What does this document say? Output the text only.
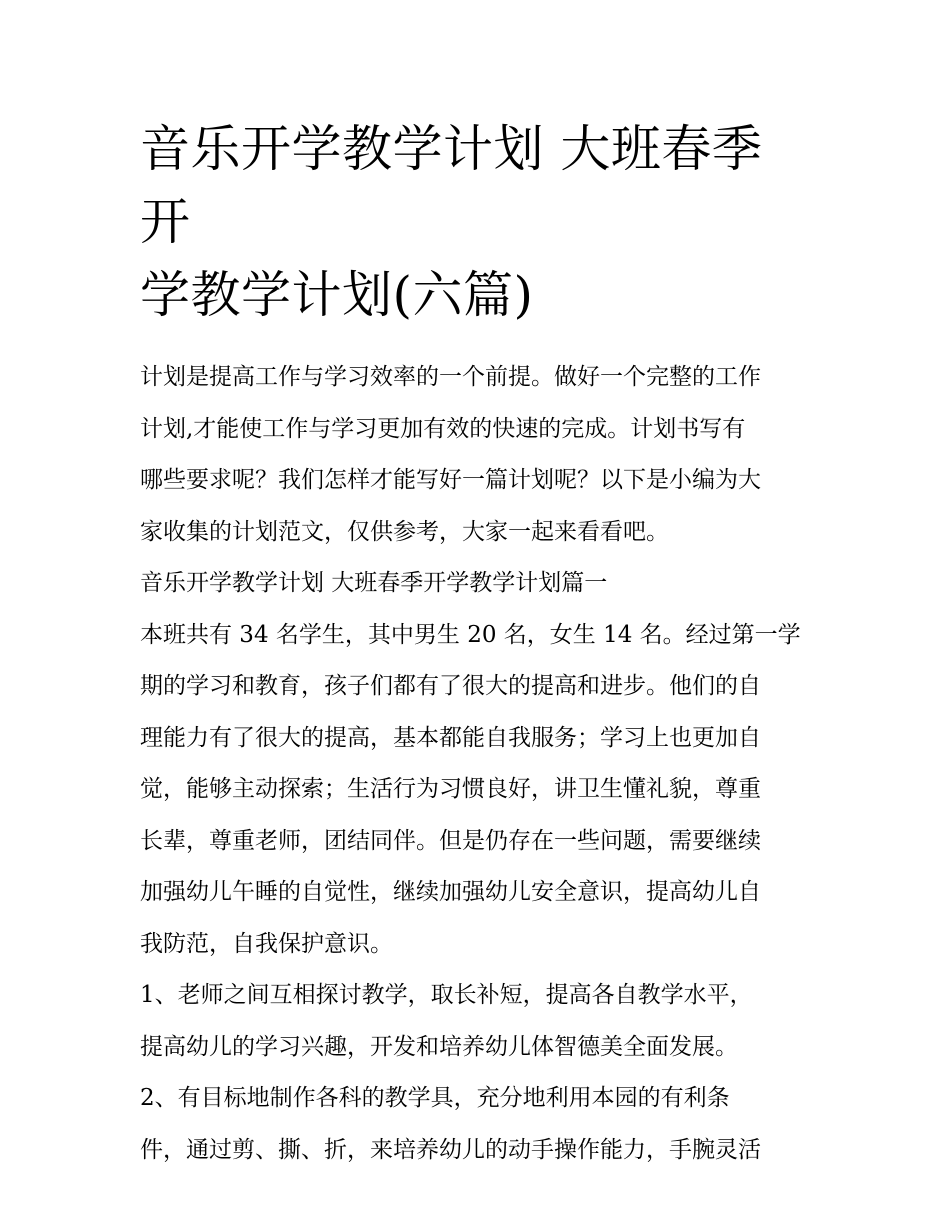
音乐开学教学计划 大班春季开
学教学计划(六篇)

计划是提高工作与学习效率的一个前提。做好一个完整的工作
计划,才能使工作与学习更加有效的快速的完成。计划书写有
哪些要求呢？我们怎样才能写好一篇计划呢？以下是小编为大
家收集的计划范文，仅供参考，大家一起来看看吧。

音乐开学教学计划 大班春季开学教学计划篇一

本班共有 34 名学生，其中男生 20 名，女生 14 名。经过第一学
期的学习和教育，孩子们都有了很大的提高和进步。他们的自
理能力有了很大的提高，基本都能自我服务；学习上也更加自
觉，能够主动探索；生活行为习惯良好，讲卫生懂礼貌，尊重
长辈，尊重老师，团结同伴。但是仍存在一些问题，需要继续
加强幼儿午睡的自觉性，继续加强幼儿安全意识，提高幼儿自
我防范，自我保护意识。

1、老师之间互相探讨教学，取长补短，提高各自教学水平，
提高幼儿的学习兴趣，开发和培养幼儿体智德美全面发展。

2、有目标地制作各科的教学具，充分地利用本园的有利条
件，通过剪、撕、折，来培养幼儿的动手操作能力，手腕灵活
